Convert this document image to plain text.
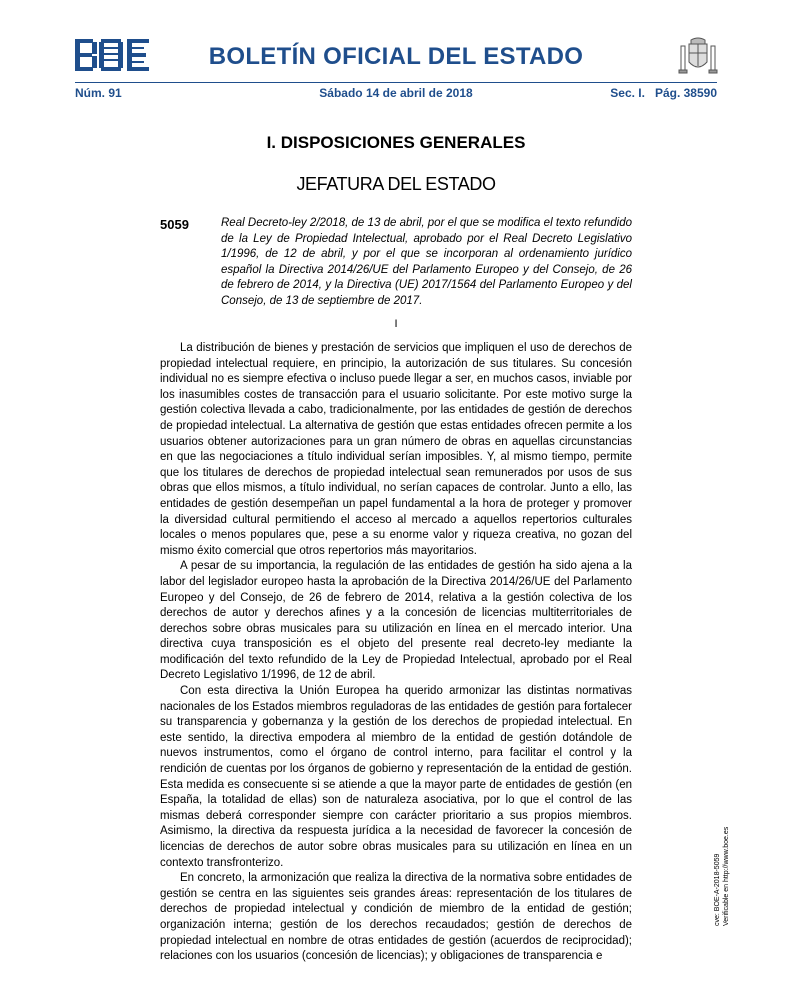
BOLETÍN OFICIAL DEL ESTADO
Núm. 91	Sábado 14 de abril de 2018	Sec. I.   Pág. 38590
I. DISPOSICIONES GENERALES
JEFATURA DEL ESTADO
5059	Real Decreto-ley 2/2018, de 13 de abril, por el que se modifica el texto refundido de la Ley de Propiedad Intelectual, aprobado por el Real Decreto Legislativo 1/1996, de 12 de abril, y por el que se incorporan al ordenamiento jurídico español la Directiva 2014/26/UE del Parlamento Europeo y del Consejo, de 26 de febrero de 2014, y la Directiva (UE) 2017/1564 del Parlamento Europeo y del Consejo, de 13 de septiembre de 2017.
I

La distribución de bienes y prestación de servicios que impliquen el uso de derechos de propiedad intelectual requiere, en principio, la autorización de sus titulares. Su concesión individual no es siempre efectiva o incluso puede llegar a ser, en muchos casos, inviable por los inasumibles costes de transacción para el usuario solicitante. Por este motivo surge la gestión colectiva llevada a cabo, tradicionalmente, por las entidades de gestión de derechos de propiedad intelectual. La alternativa de gestión que estas entidades ofrecen permite a los usuarios obtener autorizaciones para un gran número de obras en aquellas circunstancias en que las negociaciones a título individual serían imposibles. Y, al mismo tiempo, permite que los titulares de derechos de propiedad intelectual sean remunerados por usos de sus obras que ellos mismos, a título individual, no serían capaces de controlar. Junto a ello, las entidades de gestión desempeñan un papel fundamental a la hora de proteger y promover la diversidad cultural permitiendo el acceso al mercado a aquellos repertorios culturales locales o menos populares que, pese a su enorme valor y riqueza creativa, no gozan del mismo éxito comercial que otros repertorios más mayoritarios.

A pesar de su importancia, la regulación de las entidades de gestión ha sido ajena a la labor del legislador europeo hasta la aprobación de la Directiva 2014/26/UE del Parlamento Europeo y del Consejo, de 26 de febrero de 2014, relativa a la gestión colectiva de los derechos de autor y derechos afines y a la concesión de licencias multiterritoriales de derechos sobre obras musicales para su utilización en línea en el mercado interior. Una directiva cuya transposición es el objeto del presente real decreto-ley mediante la modificación del texto refundido de la Ley de Propiedad Intelectual, aprobado por el Real Decreto Legislativo 1/1996, de 12 de abril.

Con esta directiva la Unión Europea ha querido armonizar las distintas normativas nacionales de los Estados miembros reguladoras de las entidades de gestión para fortalecer su transparencia y gobernanza y la gestión de los derechos de propiedad intelectual. En este sentido, la directiva empodera al miembro de la entidad de gestión dotándole de nuevos instrumentos, como el órgano de control interno, para facilitar el control y la rendición de cuentas por los órganos de gobierno y representación de la entidad de gestión. Esta medida es consecuente si se atiende a que la mayor parte de entidades de gestión (en España, la totalidad de ellas) son de naturaleza asociativa, por lo que el control de las mismas deberá corresponder siempre con carácter prioritario a sus propios miembros. Asimismo, la directiva da respuesta jurídica a la necesidad de favorecer la concesión de licencias de derechos de autor sobre obras musicales para su utilización en línea en un contexto transfronterizo.

En concreto, la armonización que realiza la directiva de la normativa sobre entidades de gestión se centra en las siguientes seis grandes áreas: representación de los titulares de derechos de propiedad intelectual y condición de miembro de la entidad de gestión; organización interna; gestión de los derechos recaudados; gestión de derechos de propiedad intelectual en nombre de otras entidades de gestión (acuerdos de reciprocidad); relaciones con los usuarios (concesión de licencias); y obligaciones de transparencia e

cve: BOE-A-2018-5059 Verificable en http://www.boe.es
